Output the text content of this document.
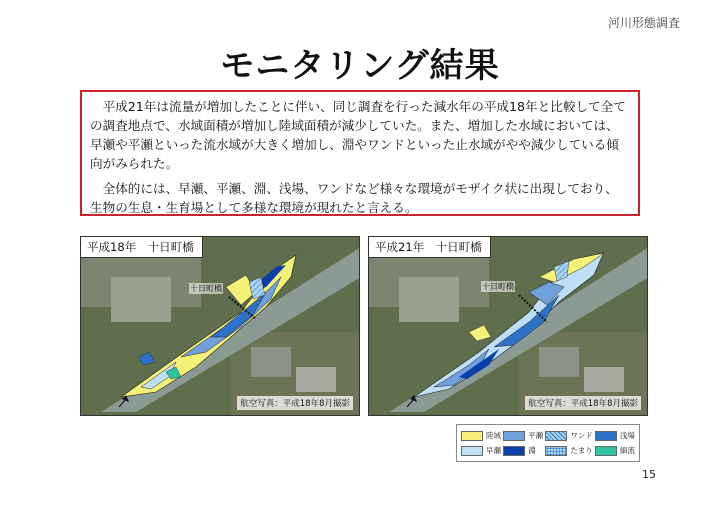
河川形態調査
モニタリング結果

　平成21年は流量が増加したことに伴い、同じ調査を行った減水年の平成18年と比較して全ての調査地点で、水域面積が増加し陸域面積が減少していた。また、増加した水域においては、早瀬や平瀬といった流水域が大きく増加し、淵やワンドといった止水域がやや減少している傾向がみられた。

　全体的には、早瀬、平瀬、淵、浅場、ワンドなど様々な環境がモザイク状に出現しており、生物の生息・生育場として多様な環境が現れたと言える。

平成18年　十日町橋
十日町橋
航空写真：平成18年8月撮影
平成21年　十日町橋
十日町橋
航空写真：平成18年8月撮影
陸域	平瀬	ワンド	浅場
早瀬	淵	たまり	細流
15
